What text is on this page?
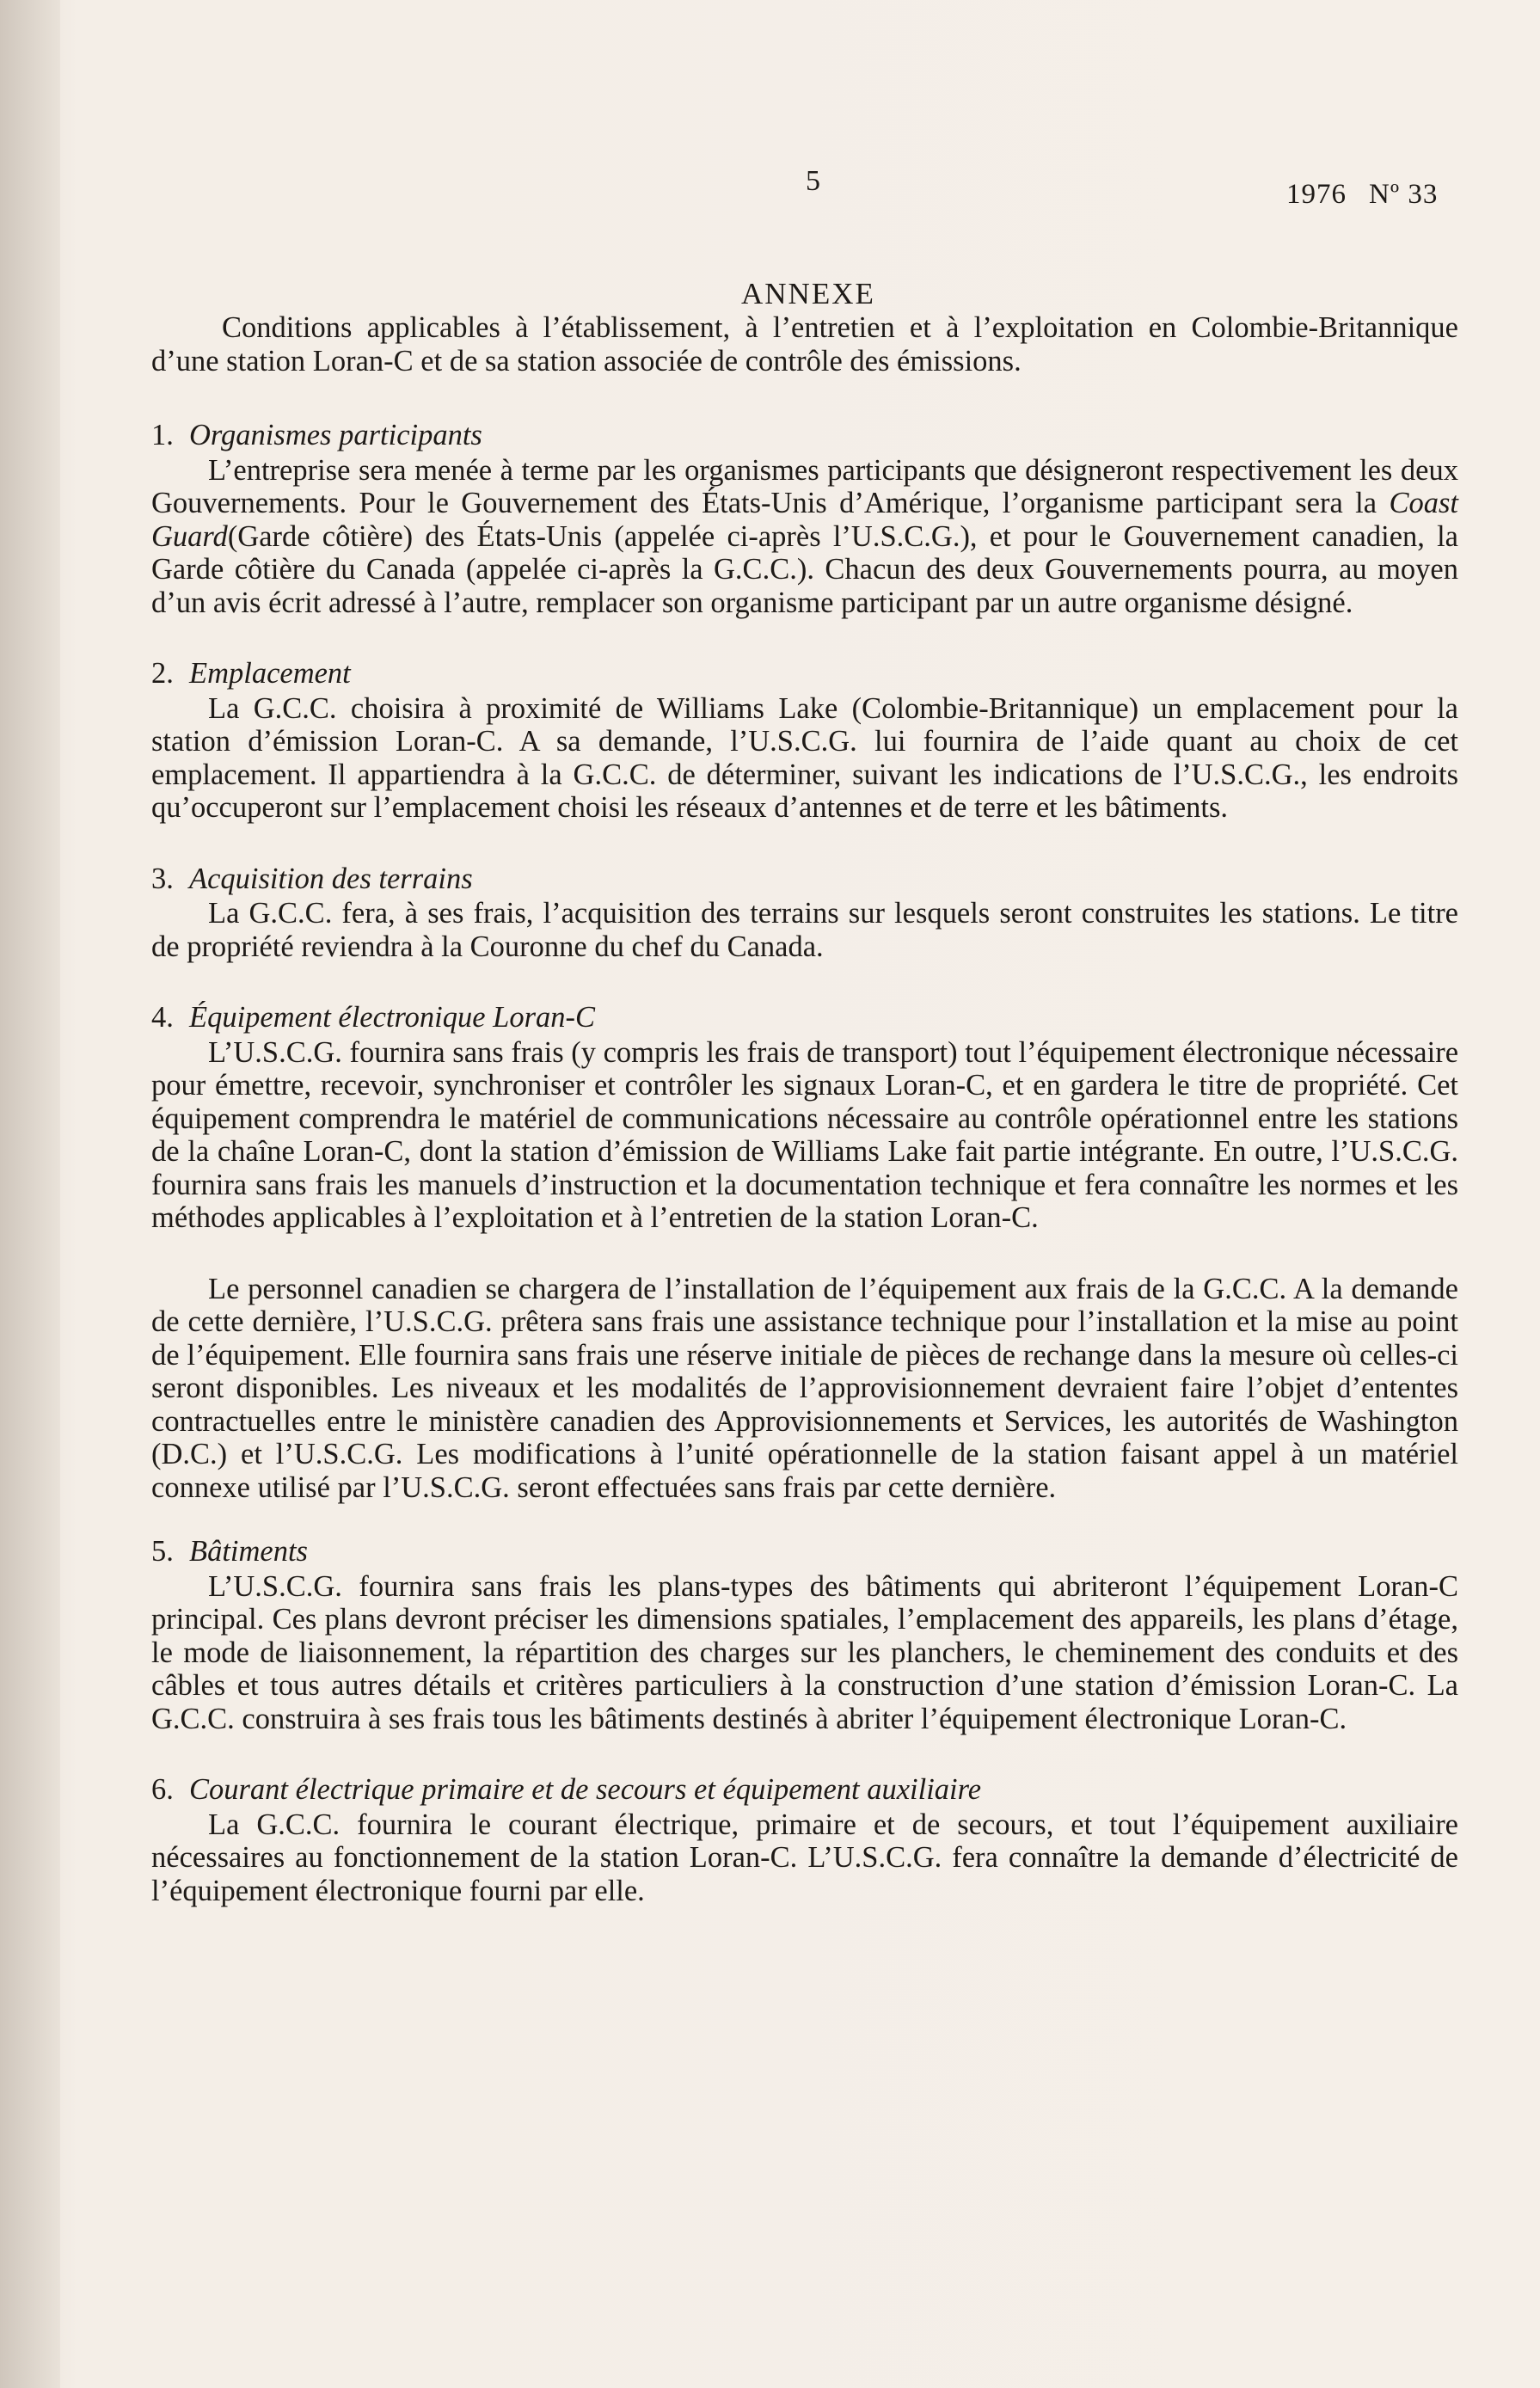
5	1976 Nº 33
ANNEXE

Conditions applicables à l’établissement, à l’entretien et à l’exploitation en Colombie-Britannique d’une station Loran-C et de sa station associée de contrôle des émissions.

1. Organismes participants

L’entreprise sera menée à terme par les organismes participants que désigneront respectivement les deux Gouvernements. Pour le Gouvernement des États-Unis d’Amérique, l’organisme participant sera la Coast Guard(Garde côtière) des États-Unis (appelée ci-après l’U.S.C.G.), et pour le Gouvernement canadien, la Garde côtière du Canada (appelée ci-après la G.C.C.). Chacun des deux Gouvernements pourra, au moyen d’un avis écrit adressé à l’autre, remplacer son organisme participant par un autre organisme désigné.

2. Emplacement

La G.C.C. choisira à proximité de Williams Lake (Colombie-Britannique) un emplacement pour la station d’émission Loran-C. A sa demande, l’U.S.C.G. lui fournira de l’aide quant au choix de cet emplacement. Il appartiendra à la G.C.C. de déterminer, suivant les indications de l’U.S.C.G., les endroits qu’occuperont sur l’emplacement choisi les réseaux d’antennes et de terre et les bâtiments.

3. Acquisition des terrains

La G.C.C. fera, à ses frais, l’acquisition des terrains sur lesquels seront construites les stations. Le titre de propriété reviendra à la Couronne du chef du Canada.

4. Équipement électronique Loran-C

L’U.S.C.G. fournira sans frais (y compris les frais de transport) tout l’équipement électronique nécessaire pour émettre, recevoir, synchroniser et contrôler les signaux Loran-C, et en gardera le titre de propriété. Cet équipement comprendra le matériel de communications nécessaire au contrôle opérationnel entre les stations de la chaîne Loran-C, dont la station d’émission de Williams Lake fait partie intégrante. En outre, l’U.S.C.G. fournira sans frais les manuels d’instruction et la documentation technique et fera connaître les normes et les méthodes applicables à l’exploitation et à l’entretien de la station Loran-C.

Le personnel canadien se chargera de l’installation de l’équipement aux frais de la G.C.C. A la demande de cette dernière, l’U.S.C.G. prêtera sans frais une assistance technique pour l’installation et la mise au point de l’équipement. Elle fournira sans frais une réserve initiale de pièces de rechange dans la mesure où celles-ci seront disponibles. Les niveaux et les modalités de l’approvisionnement devraient faire l’objet d’ententes contractuelles entre le ministère canadien des Approvisionnements et Services, les autorités de Washington (D.C.) et l’U.S.C.G. Les modifications à l’unité opérationnelle de la station faisant appel à un matériel connexe utilisé par l’U.S.C.G. seront effectuées sans frais par cette dernière.

5. Bâtiments

L’U.S.C.G. fournira sans frais les plans-types des bâtiments qui abriteront l’équipement Loran-C principal. Ces plans devront préciser les dimensions spatiales, l’emplacement des appareils, les plans d’étage, le mode de liaisonnement, la répartition des charges sur les planchers, le cheminement des conduits et des câbles et tous autres détails et critères particuliers à la construction d’une station d’émission Loran-C. La G.C.C. construira à ses frais tous les bâtiments destinés à abriter l’équipement électronique Loran-C.

6. Courant électrique primaire et de secours et équipement auxiliaire

La G.C.C. fournira le courant électrique, primaire et de secours, et tout l’équipement auxiliaire nécessaires au fonctionnement de la station Loran-C. L’U.S.C.G. fera connaître la demande d’électricité de l’équipement électronique fourni par elle.
